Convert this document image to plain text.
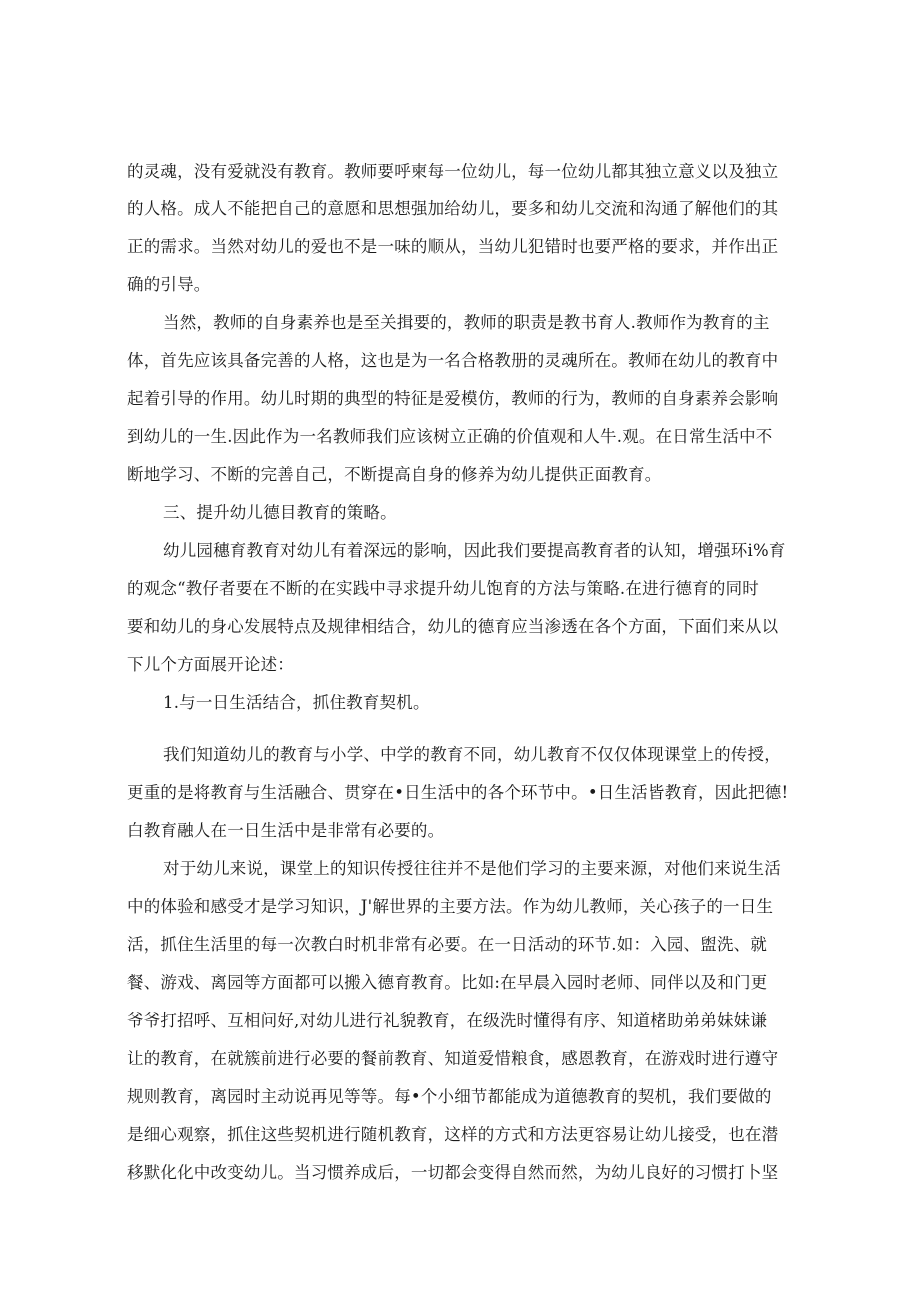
的灵魂，没有爱就没有教育。教师要呼柬每一位幼儿，每一位幼儿都其独立意义以及独立

的人格。成人不能把自己的意愿和思想强加给幼儿，要多和幼儿交流和沟通了解他们的其

正的需求。当然对幼儿的爱也不是一味的顺从，当幼儿犯错时也要严格的要求，并作出正

确的引导。

当然，教师的自身素养也是至关揖要的，教师的职责是教书育人.教师作为教育的主

体，首先应该具备完善的人格，这也是为一名合格教册的灵魂所在。教师在幼儿的教育中

起着引导的作用。幼儿时期的典型的特征是爱模仿，教师的行为，教师的自身素养会影响

到幼儿的一生.因此作为一名教师我们应该树立正确的价值观和人牛.观。在日常生活中不

断地学习、不断的完善自己，不断提高自身的修养为幼儿提供正面教育。

三、提升幼儿德目教育的策略。

幼儿园穗育教育对幼儿有着深远的影响，因此我们要提高教育者的认知，增强环i%育

的观念“教仔者要在不断的在实践中寻求提升幼儿饱育的方法与策略.在进行德育的同时

要和幼儿的身心发展特点及规律相结合，幼儿的德育应当渗透在各个方面，下面们来从以

下儿个方面展开论述：

1.与一日生活结合，抓住教育契机。

我们知道幼儿的教育与小学、中学的教育不同，幼儿教育不仅仅体现课堂上的传授，

更重的是将教育与生活融合、贯穿在•日生活中的各个环节中。•日生活皆教育，因此把德!

白教育融人在一日生活中是非常有必要的。

对于幼儿来说，课堂上的知识传授往往并不是他们学习的主要来源，对他们来说生活

中的体验和感受才是学习知识，J'解世界的主要方法。作为幼儿教师，关心孩子的一日生

活，抓住生活里的每一次教白时机非常有必要。在一日活动的环节.如：入园、盥洗、就

餐、游戏、离园等方面都可以搬入德育教育。比如:在早晨入园时老师、同伴以及和门更

爷爷打招呼、互相问好,对幼儿进行礼貌教育，在级洗时懂得有序、知道楮助弟弟妹妹谦

让的教育，在就簇前进行必要的餐前教育、知道爱惜粮食，感恩教育，在游戏时进行遵守

规则教育，离园时主动说再见等等。每•个小细节都能成为道德教育的契机，我们要做的

是细心观察，抓住这些契机进行随机教育，这样的方式和方法更容易让幼儿接受，也在潜

移默化化中改变幼儿。当习惯养成后，一切都会变得自然而然，为幼儿良好的习惯打卜坚
